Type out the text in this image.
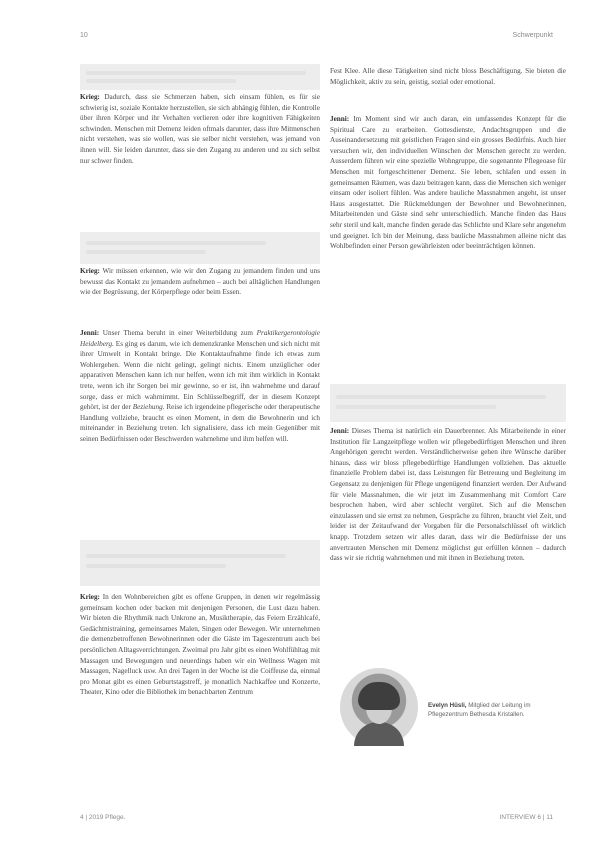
10	Schwerpunkt

Krieg: Dadurch, dass sie Schmerzen haben, sich einsam fühlen, es für sie schwierig ist, soziale Kontakte herzustellen, sie sich abhängig fühlen, die Kontrolle über ihren Körper und ihr Verhalten verlieren oder ihre kognitiven Fähigkeiten schwinden. Menschen mit Demenz leiden oftmals darunter, dass ihre Mitmenschen nicht verstehen, was sie wollen, was sie selber nicht verstehen, was jemand von ihnen will. Sie leiden darunter, dass sie den Zugang zu anderen und zu sich selbst nur schwer finden.

Krieg: Wir müssen erkennen, wie wir den Zugang zu jemandem finden und uns bewusst das Kontakt zu jemandem aufnehmen – auch bei alltäglichen Handlungen wie der Begrüssung, der Körperpflege oder beim Essen.

Jenni: Unser Thema beruht in einer Weiterbildung zum Praktikergerontologie Heidelberg. Es ging es darum, wie ich demenzkranke Menschen und sich nicht mit ihrer Umwelt in Kontakt bringe. Die Kontaktaufnahme finde ich etwas zum Wohlergehen. Wenn die nicht gelingt, gelingt nichts. Einem unzüglicher oder apparativen Menschen kann ich nur helfen, wenn ich mit ihm wirklich in Kontakt trete, wenn ich ihr Sorgen bei mir gewinne, so er ist, ihn wahrnehme und darauf sorge, dass er mich wahrnimmt. Ein Schlüsselbegriff, der in diesem Konzept gehört, ist der der Beziehung. Reise ich irgendeine pflegerische oder therapeutische Handlung vollziehe, braucht es einen Moment, in dem die Bewohnerin und ich miteinander in Beziehung treten. Ich signalisiere, dass ich mein Gegenüber mit seinen Bedürfnissen oder Beschwerden wahrnehme und ihm helfen will.

Krieg: In den Wohnbereichen gibt es offene Gruppen, in denen wir regelmässig gemeinsam kochen oder backen mit denjenigen Personen, die Lust dazu haben. Wir bieten die Rhythmik nach Unkrone an, Musiktherapie, das Feiern Erzählcafé, Gedächtnistraining, gemeinsames Malen, Singen oder Bewegen. Wir unternehmen die demenzbetroffenen Bewohnerinnen oder die Gäste im Tageszentrum auch bei persönlichen Alltagsverrichtungen. Zweimal pro Jahr gibt es einen Wohlfühltag mit Massagen und Bewegungen und neuerdings haben wir ein Wellness Wagen mit Massagen, Nagelluck usw. An drei Tagen in der Woche ist die Coiffeuse da, einmal pro Monat gibt es einen Geburtstagstreff, je monatlich Nachkaffee und Konzerte, Theater, Kino oder die Bibliothek im benachbarten Zentrum

Fest Klee. Alle diese Tätigkeiten sind nicht bloss Beschäftigung. Sie bieten die Möglichkeit, aktiv zu sein, geistig, sozial oder emotional.

Jenni: Im Moment sind wir auch daran, ein umfassendes Konzept für die Spiritual Care zu erarbeiten. Gottesdienste, Andachtsgruppen und die Auseinandersetzung mit geistlichen Fragen sind ein grosses Bedürfnis. Auch hier versuchen wir, den individuellen Wünschen der Menschen gerecht zu werden. Ausserdem führen wir eine spezielle Wohngruppe, die sogenannte Pflegeoase für Menschen mit fortgeschrittener Demenz. Sie leben, schlafen und essen in gemeinsamen Räumen, was dazu beitragen kann, dass die Menschen sich weniger einsam oder isoliert fühlen. Was andere bauliche Massnahmen angeht, ist unser Haus ausgestattet. Die Rückmeldungen der Bewohner und Bewohnerinnen, Mitarbeitenden und Gäste sind sehr unterschiedlich. Manche finden das Haus sehr steril und kalt, manche finden gerade das Schlichte und Klare sehr angenehm und geeignet. Ich bin der Meinung, dass bauliche Massnahmen alleine nicht das Wohlbefinden einer Person gewährleisten oder beeinträchtigen können.

Jenni: Dieses Thema ist natürlich ein Dauerbrenner. Als Mitarbeitende in einer Institution für Langzeitpflege wollen wir pflegebedürftigen Menschen und ihren Angehörigen gerecht werden. Verständlicherweise gehen ihre Wünsche darüber hinaus, dass wir bloss pflegebedürftige Handlungen vollziehen. Das aktuelle finanzielle Problem dabei ist, dass Leistungen für Betreuung und Begleitung im Gegensatz zu denjenigen für Pflege ungenügend finanziert werden. Der Aufwand für viele Massnahmen, die wir jetzt im Zusammenhang mit Comfort Care besprochen haben, wird aber schlecht vergütet. Sich auf die Menschen einzulassen und sie ernst zu nehmen, Gespräche zu führen, braucht viel Zeit, und leider ist der Zeitaufwand der Vorgaben für die Personalschlüssel oft wirklich knapp. Trotzdem setzen wir alles daran, dass wir die Bedürfnisse der uns anvertrauten Menschen mit Demenz möglichst gut erfüllen können – dadurch dass wir sie richtig wahrnehmen und mit ihnen in Beziehung treten.

Evelyn Hüsli, Mitglied der Leitung im Pflegezentrum Bethesda Kristallen.
4 | 2019 Pflege.	INTERVIEW 6 | 11
